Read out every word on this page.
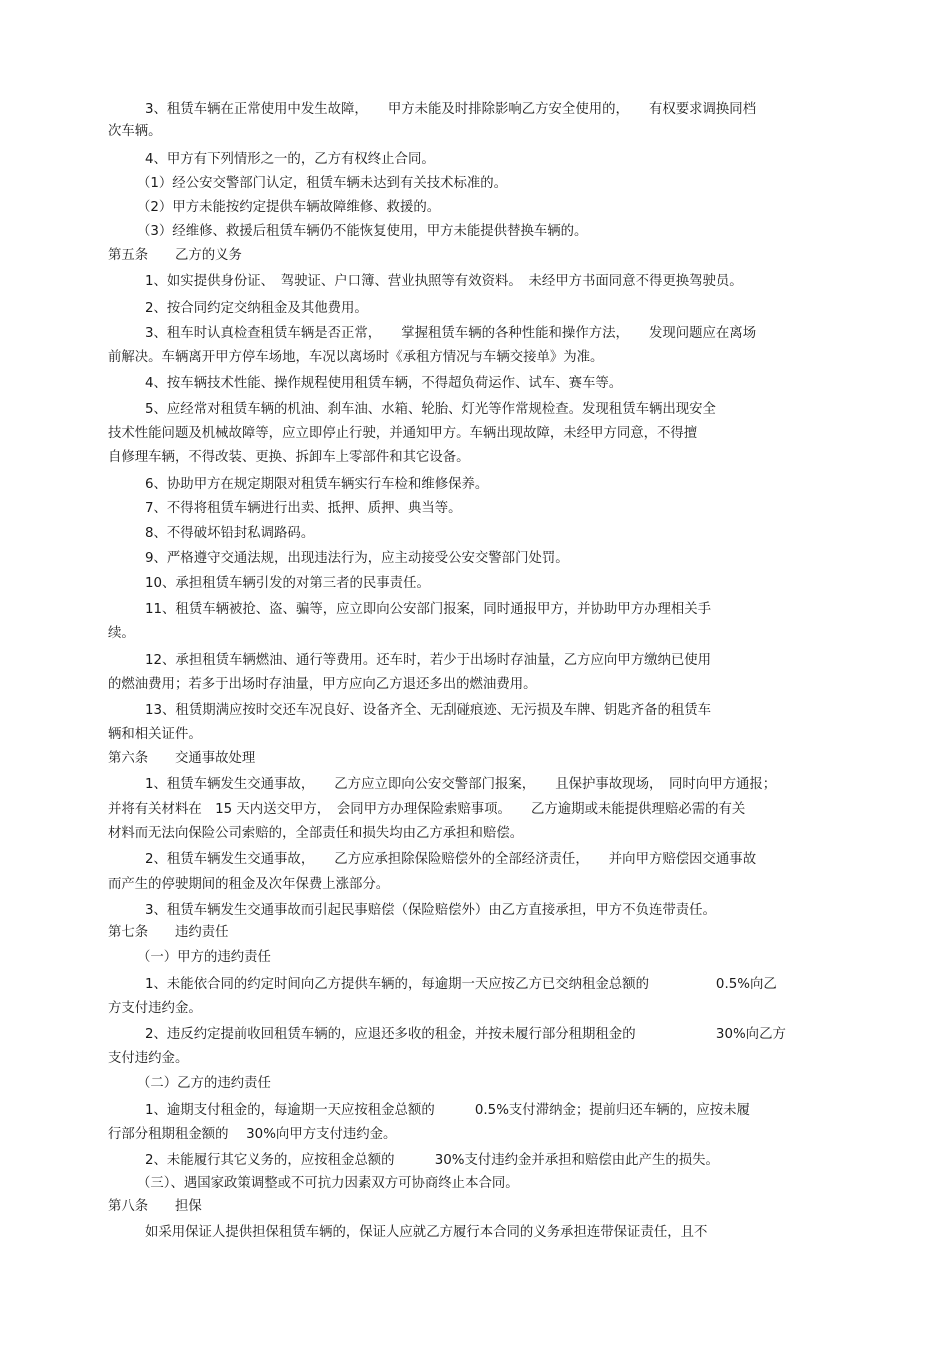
3、租赁车辆在正常使用中发生故障，　　甲方未能及时排除影响乙方安全使用的，　　有权要求调换同档
次车辆。
4、甲方有下列情形之一的，乙方有权终止合同。
（1）经公安交警部门认定，租赁车辆未达到有关技术标准的。
（2）甲方未能按约定提供车辆故障维修、救援的。
（3）经维修、救援后租赁车辆仍不能恢复使用，甲方未能提供替换车辆的。
第五条　　乙方的义务
1、如实提供身份证、　驾驶证、户口簿、营业执照等有效资料。　未经甲方书面同意不得更换驾驶员。
2、按合同约定交纳租金及其他费用。
3、租车时认真检查租赁车辆是否正常，　　掌握租赁车辆的各种性能和操作方法，　　发现问题应在离场
前解决。车辆离开甲方停车场地，车况以离场时《承租方情况与车辆交接单》为准。
4、按车辆技术性能、操作规程使用租赁车辆，不得超负荷运作、试车、赛车等。
5、应经常对租赁车辆的机油、刹车油、水箱、轮胎、灯光等作常规检查。发现租赁车辆出现安全
技术性能问题及机械故障等，应立即停止行驶，并通知甲方。车辆出现故障，未经甲方同意，不得擅
自修理车辆，不得改装、更换、拆卸车上零部件和其它设备。
6、协助甲方在规定期限对租赁车辆实行车检和维修保养。
7、不得将租赁车辆进行出卖、抵押、质押、典当等。
8、不得破坏铅封私调路码。
9、严格遵守交通法规，出现违法行为，应主动接受公安交警部门处罚。
10、承担租赁车辆引发的对第三者的民事责任。
11、租赁车辆被抢、盗、骗等，应立即向公安部门报案，同时通报甲方，并协助甲方办理相关手
续。
12、承担租赁车辆燃油、通行等费用。还车时，若少于出场时存油量，乙方应向甲方缴纳已使用
的燃油费用；若多于出场时存油量，甲方应向乙方退还多出的燃油费用。
13、租赁期满应按时交还车况良好、设备齐全、无刮碰痕迹、无污损及车牌、钥匙齐备的租赁车
辆和相关证件。
第六条　　交通事故处理
1、租赁车辆发生交通事故，　　乙方应立即向公安交警部门报案，　　且保护事故现场，　同时向甲方通报；
并将有关材料在　15 天内送交甲方，　会同甲方办理保险索赔事项。　　乙方逾期或未能提供理赔必需的有关
材料而无法向保险公司索赔的，全部责任和损失均由乙方承担和赔偿。
2、租赁车辆发生交通事故，　　乙方应承担除保险赔偿外的全部经济责任，　　并向甲方赔偿因交通事故
而产生的停驶期间的租金及次年保费上涨部分。
3、租赁车辆发生交通事故而引起民事赔偿（保险赔偿外）由乙方直接承担，甲方不负连带责任。
第七条　　违约责任
（一）甲方的违约责任
1、未能依合同的约定时间向乙方提供车辆的，每逾期一天应按乙方已交纳租金总额的　　　　　0.5%向乙
方支付违约金。
2、违反约定提前收回租赁车辆的，应退还多收的租金，并按未履行部分租期租金的　　　　　　30%向乙方
支付违约金。
（二）乙方的违约责任
1、逾期支付租金的，每逾期一天应按租金总额的　　　0.5%支付滞纳金；提前归还车辆的，应按未履
行部分租期租金额的　 30%向甲方支付违约金。
2、未能履行其它义务的，应按租金总额的　　　30%支付违约金并承担和赔偿由此产生的损失。
（三）、遇国家政策调整或不可抗力因素双方可协商终止本合同。
第八条　　担保
如采用保证人提供担保租赁车辆的，保证人应就乙方履行本合同的义务承担连带保证责任，且不
